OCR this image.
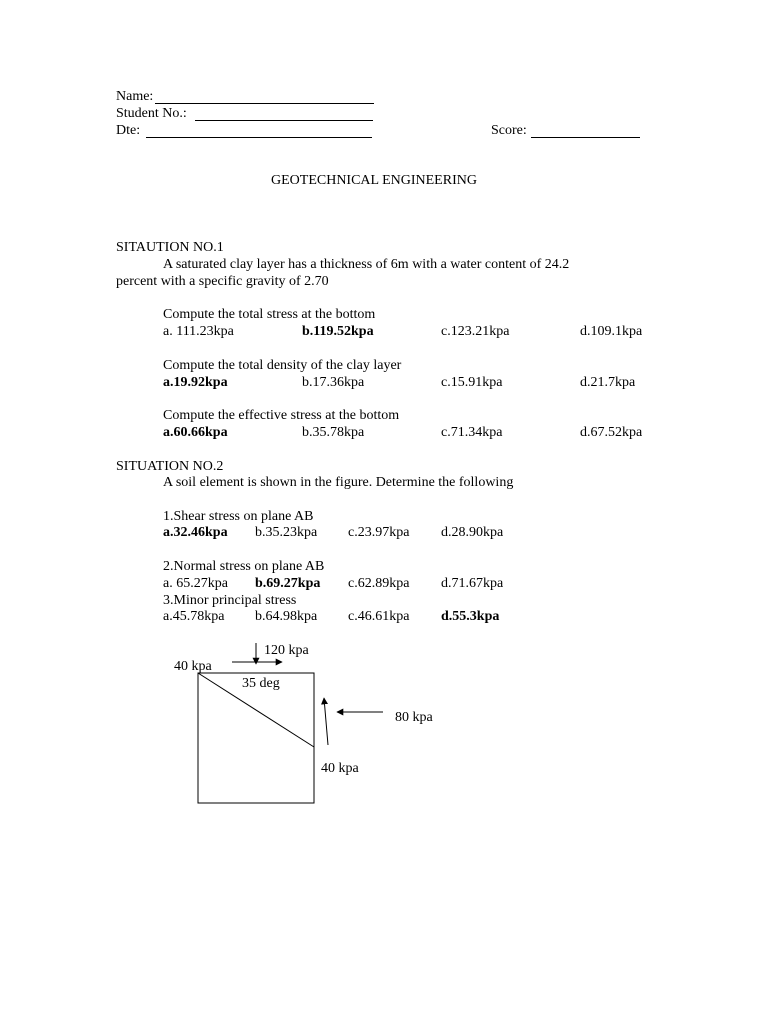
Name:
Student No.:
Dte:	Score:
GEOTECHNICAL ENGINEERING
SITAUTION NO.1
A saturated clay layer has a thickness of 6m with a water content of 24.2
percent with a specific gravity of 2.70
Compute the total stress at the bottom
a. 111.23kpa	b.119.52kpa	c.123.21kpa	d.109.1kpa
Compute the total density of the clay layer
a.19.92kpa	b.17.36kpa	c.15.91kpa	d.21.7kpa
Compute the effective stress at the bottom
a.60.66kpa	b.35.78kpa	c.71.34kpa	d.67.52kpa
SITUATION NO.2
A soil element is shown in the figure. Determine the following
1.Shear stress on plane AB
a.32.46kpa b.35.23kpa c.23.97kpa d.28.90kpa
2.Normal stress on plane AB
a. 65.27kpa b.69.27kpa c.62.89kpa d.71.67kpa
3.Minor principal stress
a.45.78kpa b.64.98kpa c.46.61kpa d.55.3kpa
120 kpa
40 kpa
35 deg
80 kpa
40 kpa
